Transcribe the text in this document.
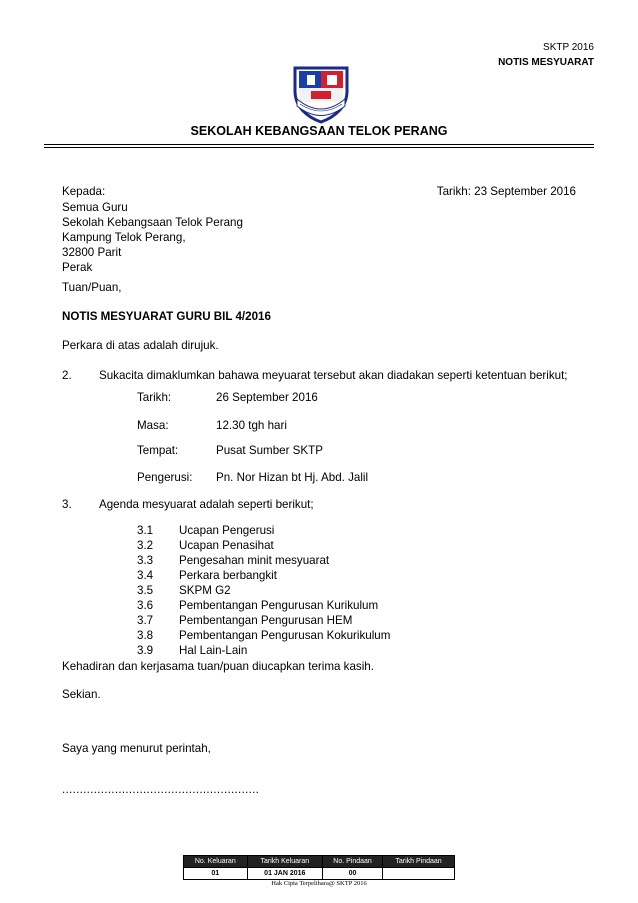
SKTP 2016
NOTIS MESYUARAT
SEKOLAH KEBANGSAAN TELOK PERANG
Kepada:	Tarikh: 23 September 2016
Semua Guru
Sekolah Kebangsaan Telok Perang
Kampung Telok Perang,
32800 Parit
Perak
Tuan/Puan,
NOTIS MESYUARAT GURU BIL 4/2016
Perkara di atas adalah dirujuk.
2. Sukacita dimaklumkan bahawa meyuarat tersebut akan diadakan seperti ketentuan berikut;
Tarikh:	26 September 2016
Masa:	12.30 tgh hari
Tempat:	Pusat Sumber SKTP
Pengerusi: Pn. Nor Hizan bt Hj. Abd. Jalil
3. Agenda mesyuarat adalah seperti berikut;
3.1 Ucapan Pengerusi
3.2 Ucapan Penasihat
3.3 Pengesahan minit mesyuarat
3.4 Perkara berbangkit
3.5 SKPM G2
3.6 Pembentangan Pengurusan Kurikulum
3.7 Pembentangan Pengurusan HEM
3.8 Pembentangan Pengurusan Kokurikulum
3.9 Hal Lain-Lain
Kehadiran dan kerjasama tuan/puan diucapkan terima kasih.
Sekian.
Saya yang menurut perintah,
........................................................
No. Keluaran	Tarikh Keluaran	No. Pindaan	Tarikh Pindaan
01	01 JAN 2016	00	
Hak Cipta Terpelihara@ SKTP 2016
